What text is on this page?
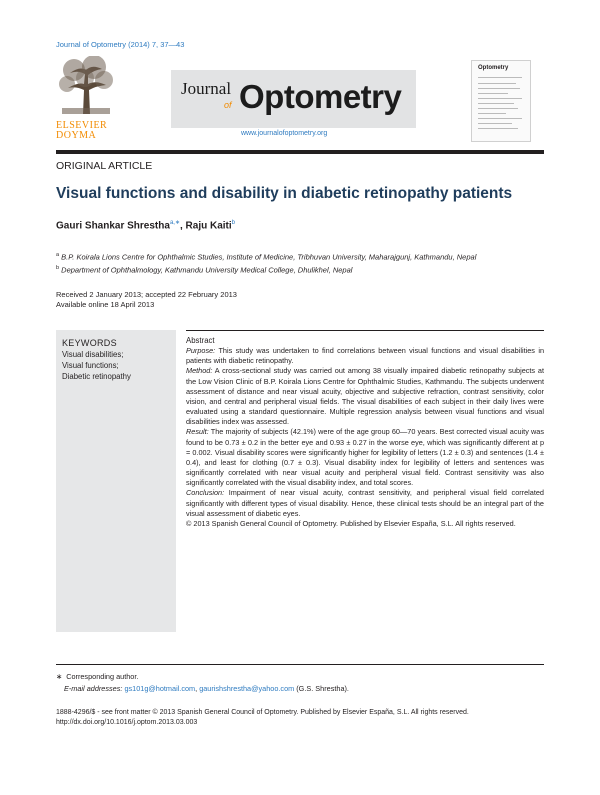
Journal of Optometry (2014) 7, 37—43
ELSEVIER
DOYMA
Journal
of Optometry
www.journalofoptometry.org
Optometry
ORIGINAL ARTICLE
Visual functions and disability in diabetic retinopathy patients
Gauri Shankar Shrestha$^{a,∗}$, Raju Kaiti$^b$
$^a$ B.P. Koirala Lions Centre for Ophthalmic Studies, Institute of Medicine, Tribhuvan University, Maharajgunj, Kathmandu, Nepal
$^b$ Department of Ophthalmology, Kathmandu University Medical College, Dhulikhel, Nepal
Received 2 January 2013; accepted 22 February 2013
Available online 18 April 2013
KEYWORDS
Visual disabilities;
Visual functions;
Diabetic retinopathy

Abstract

Purpose: This study was undertaken to find correlations between visual functions and visual disabilities in patients with diabetic retinopathy.

Method: A cross-sectional study was carried out among 38 visually impaired diabetic retinopathy subjects at the Low Vision Clinic of B.P. Koirala Lions Centre for Ophthalmic Studies, Kathmandu. The subjects underwent assessment of distance and near visual acuity, objective and subjective refraction, contrast sensitivity, color vision, and central and peripheral visual fields. The visual disabilities of each subject in their daily lives were evaluated using a standard questionnaire. Multiple regression analysis between visual functions and visual disabilities index was assessed.

Result: The majority of subjects (42.1%) were of the age group 60—70 years. Best corrected visual acuity was found to be 0.73 ± 0.2 in the better eye and 0.93 ± 0.27 in the worse eye, which was significantly different at p = 0.002. Visual disability scores were significantly higher for legibility of letters (1.2 ± 0.3) and sentences (1.4 ± 0.4), and least for clothing (0.7 ± 0.3). Visual disability index for legibility of letters and sentences was significantly correlated with near visual acuity and peripheral visual field. Contrast sensitivity was also significantly correlated with the visual disability index, and total scores.

Conclusion: Impairment of near visual acuity, contrast sensitivity, and peripheral visual field correlated significantly with different types of visual disability. Hence, these clinical tests should be an integral part of the visual assessment of diabetic eyes.

© 2013 Spanish General Council of Optometry. Published by Elsevier España, S.L. All rights reserved.

∗ Corresponding author.
E-mail addresses: gs101g@hotmail.com, gaurishshrestha@yahoo.com (G.S. Shrestha).
1888-4296/$ - see front matter © 2013 Spanish General Council of Optometry. Published by Elsevier España, S.L. All rights reserved.
http://dx.doi.org/10.1016/j.optom.2013.03.003
